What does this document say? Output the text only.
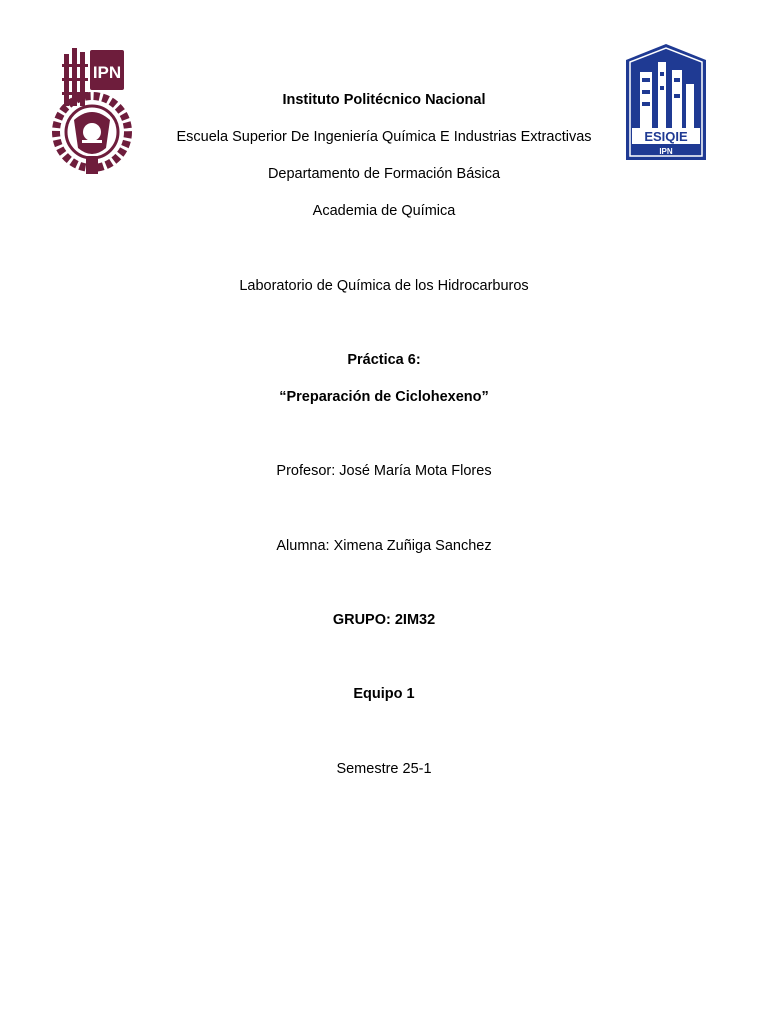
IPN
ESIQIE
IPN
Instituto Politécnico Nacional
Escuela Superior De Ingeniería Química E Industrias Extractivas
Departamento de Formación Básica
Academia de Química
Laboratorio de Química de los Hidrocarburos
Práctica 6:
“Preparación de Ciclohexeno”
Profesor: José María Mota Flores
Alumna: Ximena Zuñiga Sanchez
GRUPO: 2IM32
Equipo 1
Semestre 25-1
